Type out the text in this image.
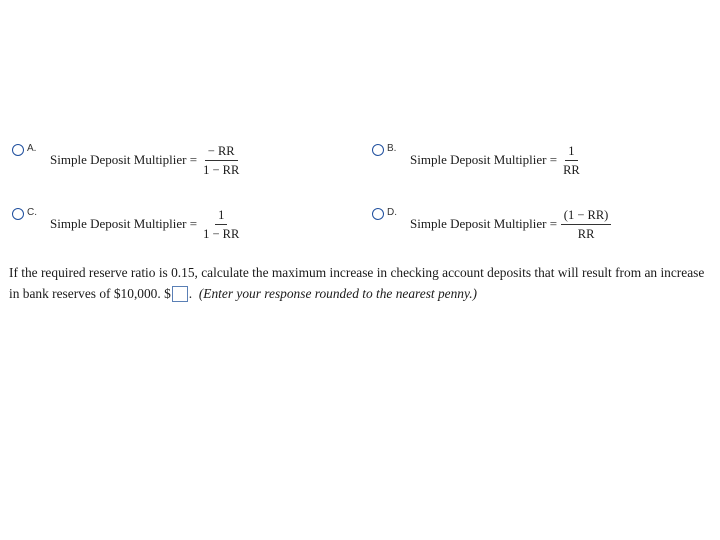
A.
Simple Deposit Multiplier = $\frac{- RR}{1 - RR}$	B.
Simple Deposit Multiplier = $\frac{1}{RR}$
C.
Simple Deposit Multiplier = $\frac{1}{1 - RR}$	D.
Simple Deposit Multiplier = $\frac{(1 - RR)}{RR}$
If the required reserve ratio is 0.15, calculate the maximum increase in checking account deposits that will result from an increase in bank reserves of $10,000. $ . (Enter your response rounded to the nearest penny.)
